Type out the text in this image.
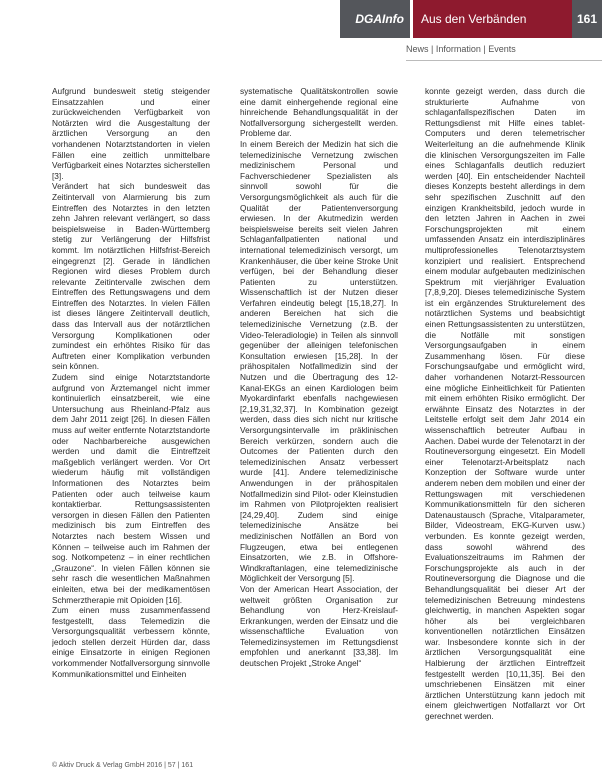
DGAInfo	Aus den Verbänden	161
News | Information | Events

Aufgrund bundesweit stetig steigender Einsatzzahlen und einer zurückweichenden Verfügbarkeit von Notärzten wird die Ausgestaltung der ärztlichen Versorgung an den vorhandenen Notarztstandorten in vielen Fällen eine zeitlich unmittelbare Verfügbarkeit eines Notarztes sicherstellen [3].

Verändert hat sich bundesweit das Zeitintervall von Alarmierung bis zum Eintreffen des Notarztes in den letzten zehn Jahren relevant verlängert, so dass beispielsweise in Baden-Württemberg stetig zur Verlängerung der Hilfsfrist kommt. Im notärztlichen Hilfsfrist-Bereich eingegrenzt [2]. Gerade in ländlichen Regionen wird dieses Problem durch relevante Zeitintervalle zwischen dem Eintreffen des Rettungswagens und dem Eintreffen des Notarztes. In vielen Fällen ist dieses längere Zeitintervall deutlich, dass das Intervall aus der notärztlichen Versorgung Komplikationen oder zumindest ein erhöhtes Risiko für das Auftreten einer Komplikation verbunden sein können.

Zudem sind einige Notarztstandorte aufgrund von Ärztemangel nicht immer kontinuierlich einsatzbereit, wie eine Untersuchung aus Rheinland-Pfalz aus dem Jahr 2011 zeigt [26]. In diesen Fällen muss auf weiter entfernte Notarztstandorte oder Nachbarbereiche ausgewichen werden und damit die Eintreffzeit maßgeblich verlängert werden. Vor Ort wiederum häufig mit vollständigen Informationen des Notarztes beim Patienten oder auch teilweise kaum kontaktierbar. Rettungsassistenten versorgen in diesen Fällen den Patienten medizinisch bis zum Eintreffen des Notarztes nach bestem Wissen und Können – teilweise auch im Rahmen der sog. Notkompetenz – in einer rechtlichen „Grauzone“. In vielen Fällen können sie sehr rasch die wesentlichen Maßnahmen einleiten, etwa bei der medikamentösen Schmerztherapie mit Opioiden [16].

Zum einen muss zusammenfassend festgestellt, dass Telemedizin die Versorgungsqualität verbessern könnte, jedoch stellen derzeit Hürden dar, dass einige Einsatzorte in einigen Regionen vorkommender Notfallversorgung sinnvolle Kommunikationsmittel und Einheiten

systematische Qualitätskontrollen sowie eine damit einhergehende regional eine hinreichende Behandlungsqualität in der Notfallversorgung sichergestellt werden. Probleme dar.

In einem Bereich der Medizin hat sich die telemedizinische Vernetzung zwischen medizinischem Personal und Fachverschiedener Spezialisten als sinnvoll sowohl für die Versorgungsmöglichkeit als auch für die Qualität der Patientenversorgung erwiesen. In der Akutmedizin werden beispielsweise bereits seit vielen Jahren Schlaganfallpatienten national und international telemedizinisch versorgt, um Krankenhäuser, die über keine Stroke Unit verfügen, bei der Behandlung dieser Patienten zu unterstützen. Wissenschaftlich ist der Nutzen dieser Verfahren eindeutig belegt [15,18,27]. In anderen Bereichen hat sich die telemedizinische Vernetzung (z.B. der Video-Teleradiologie) in Teilen als sinnvoll gegenüber der alleinigen telefonischen Konsultation erwiesen [15,28]. In der prähospitalen Notfallmedizin sind der Nutzen und die Übertragung des 12-Kanal-EKGs an einen Kardiologen beim Myokardinfarkt ebenfalls nachgewiesen [2,19,31,32,37]. In Kombination gezeigt werden, dass dies sich nicht nur kritische Versorgungsintervalle im präklinischen Bereich verkürzen, sondern auch die Outcomes der Patienten durch den telemedizinischen Ansatz verbessert wurde [41]. Andere telemedizinische Anwendungen in der prähospitalen Notfallmedizin sind Pilot- oder Kleinstudien im Rahmen von Pilotprojekten realisiert [24,29,40]. Zudem sind einige telemedizinische Ansätze bei medizinischen Notfällen an Bord von Flugzeugen, etwa bei entlegenen Einsatzorten, wie z.B. in Offshore-Windkraftanlagen, eine telemedizinische Möglichkeit der Versorgung [5].

Von der American Heart Association, der weltweit größten Organisation zur Behandlung von Herz-Kreislauf-Erkrankungen, werden der Einsatz und die wissenschaftliche Evaluation von Telemedizinsystemen im Rettungsdienst empfohlen und anerkannt [33,38]. Im deutschen Projekt „Stroke Angel“

konnte gezeigt werden, dass durch die strukturierte Aufnahme von schlaganfallspezifischen Daten im Rettungsdienst mit Hilfe eines tablet-Computers und deren telemetrischer Weiterleitung an die aufnehmende Klinik die klinischen Versorgungszeiten im Falle eines Schlaganfalls deutlich reduziert werden [40]. Ein entscheidender Nachteil dieses Konzepts besteht allerdings in dem sehr spezifischen Zuschnitt auf den einzigen Krankheitsbild, jedoch wurde in den letzten Jahren in Aachen in zwei Forschungsprojekten mit einem umfassenden Ansatz ein interdisziplinäres multiprofessionelles Telenotarztsystem konzipiert und realisiert. Entsprechend einem modular aufgebauten medizinischen Spektrum mit vierjähriger Evaluation [7,8,9,20]. Dieses telemedizinische System ist ein ergänzendes Strukturelement des notärztlichen Systems und beabsichtigt einen Rettungsassistenten zu unterstützen, die Notfälle mit sonstigen Versorgungsaufgaben in einem Zusammenhang lösen. Für diese Forschungsaufgabe und ermöglicht wird, daher vorhandenen Notarzt-Ressourcen eine mögliche Einheitlichkeit für Patienten mit einem erhöhten Risiko ermöglicht. Der erwähnte Einsatz des Notarztes in der Leitstelle erfolgt seit dem Jahr 2014 ein wissenschaftlich betreuter Aufbau in Aachen. Dabei wurde der Telenotarzt in der Routineversorgung eingesetzt. Ein Modell einer Telenotarzt-Arbeitsplatz nach Konzeption der Software wurde unter anderem neben dem mobilen und einer der Rettungswagen mit verschiedenen Kommunikationsmitteln für den sicheren Datenaustausch (Sprache, Vitalparameter, Bilder, Videostream, EKG-Kurven usw.) verbunden. Es konnte gezeigt werden, dass sowohl während des Evaluationszeitraums im Rahmen der Forschungsprojekte als auch in der Routineversorgung die Diagnose und die Behandlungsqualität bei dieser Art der telemedizinischen Betreuung mindestens gleichwertig, in manchen Aspekten sogar höher als bei vergleichbaren konventionellen notärztlichen Einsätzen war. Insbesondere konnte sich in der ärztlichen Versorgungsqualität eine Halbierung der ärztlichen Eintreffzeit festgestellt werden [10,11,35]. Bei den umschriebenen Einsätzen mit einer ärztlichen Unterstützung kann jedoch mit einem gleichwertigen Notfallarzt vor Ort gerechnet werden.

© Aktiv Druck & Verlag GmbH 2016 | 57 | 161
